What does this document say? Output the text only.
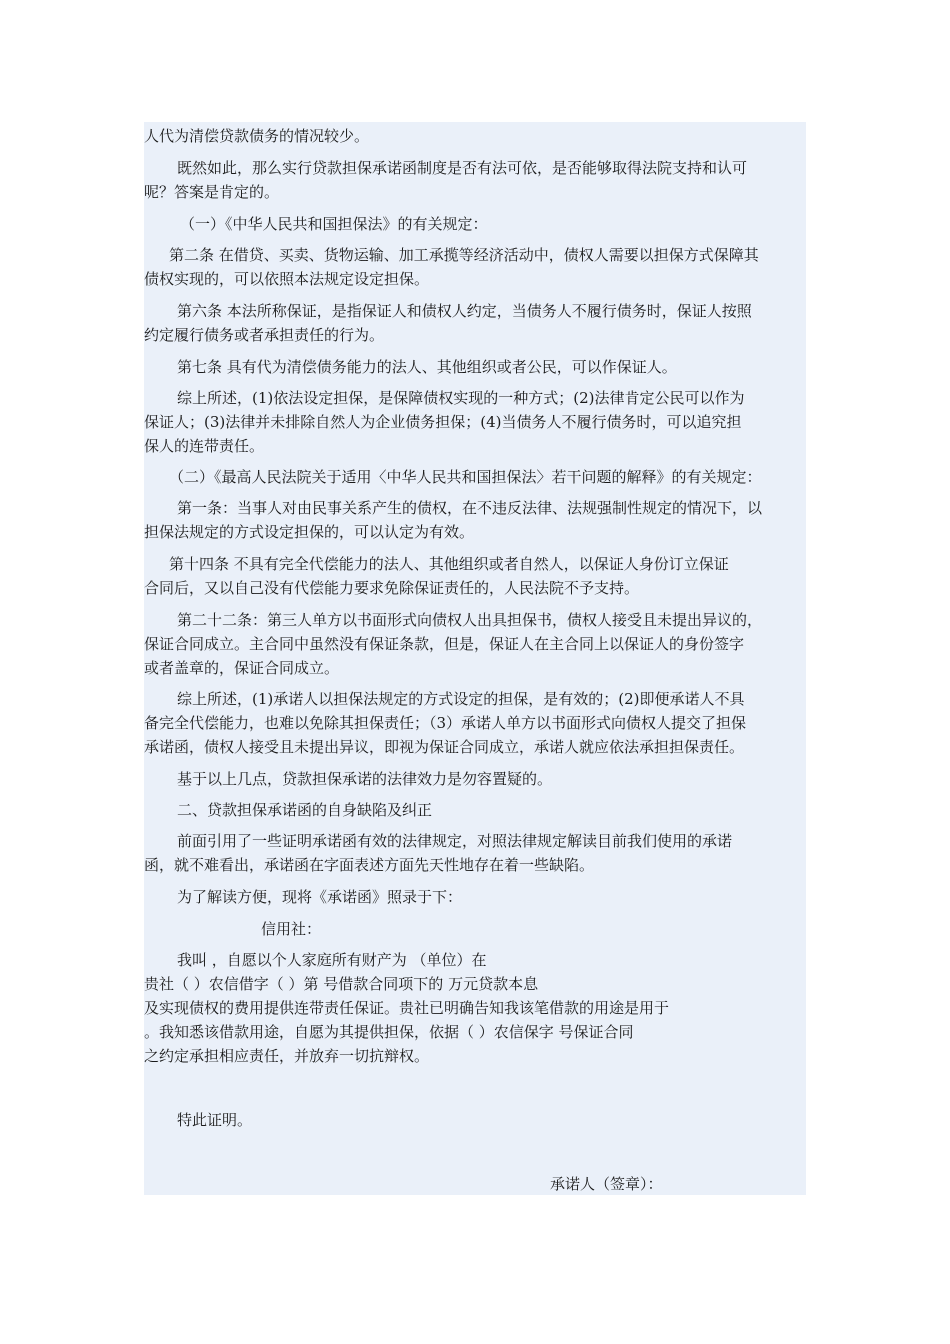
人代为清偿贷款债务的情况较少。
既然如此，那么实行贷款担保承诺函制度是否有法可依，是否能够取得法院支持和认可
呢？答案是肯定的。
（一）《中华人民共和国担保法》的有关规定：
第二条 在借贷、买卖、货物运输、加工承揽等经济活动中，债权人需要以担保方式保障其
债权实现的，可以依照本法规定设定担保。
第六条 本法所称保证，是指保证人和债权人约定，当债务人不履行债务时，保证人按照
约定履行债务或者承担责任的行为。
第七条 具有代为清偿债务能力的法人、其他组织或者公民，可以作保证人。
综上所述，(1)依法设定担保，是保障债权实现的一种方式；(2)法律肯定公民可以作为
保证人；(3)法律并未排除自然人为企业债务担保；(4)当债务人不履行债务时，可以追究担
保人的连带责任。
（二）《最高人民法院关于适用〈中华人民共和国担保法〉若干问题的解释》的有关规定：
第一条：当事人对由民事关系产生的债权，在不违反法律、法规强制性规定的情况下，以
担保法规定的方式设定担保的，可以认定为有效。
第十四条 不具有完全代偿能力的法人、其他组织或者自然人，以保证人身份订立保证
合同后，又以自己没有代偿能力要求免除保证责任的，人民法院不予支持。
第二十二条：第三人单方以书面形式向债权人出具担保书，债权人接受且未提出异议的，
保证合同成立。主合同中虽然没有保证条款，但是，保证人在主合同上以保证人的身份签字
或者盖章的，保证合同成立。
综上所述，(1)承诺人以担保法规定的方式设定的担保，是有效的；(2)即便承诺人不具
备完全代偿能力，也难以免除其担保责任；（3）承诺人单方以书面形式向债权人提交了担保
承诺函，债权人接受且未提出异议，即视为保证合同成立，承诺人就应依法承担担保责任。
基于以上几点，贷款担保承诺的法律效力是勿容置疑的。
二、贷款担保承诺函的自身缺陷及纠正
前面引用了一些证明承诺函有效的法律规定，对照法律规定解读目前我们使用的承诺
函，就不难看出，承诺函在字面表述方面先天性地存在着一些缺陷。
为了解读方便，现将《承诺函》照录于下：
信用社：
我叫 ，自愿以个人家庭所有财产为 （单位）在
贵社（ ）农信借字（ ）第 号借款合同项下的 万元贷款本息
及实现债权的费用提供连带责任保证。贵社已明确告知我该笔借款的用途是用于
。我知悉该借款用途，自愿为其提供担保，依据（ ）农信保字 号保证合同
之约定承担相应责任，并放弃一切抗辩权。
特此证明。
承诺人（签章）：
